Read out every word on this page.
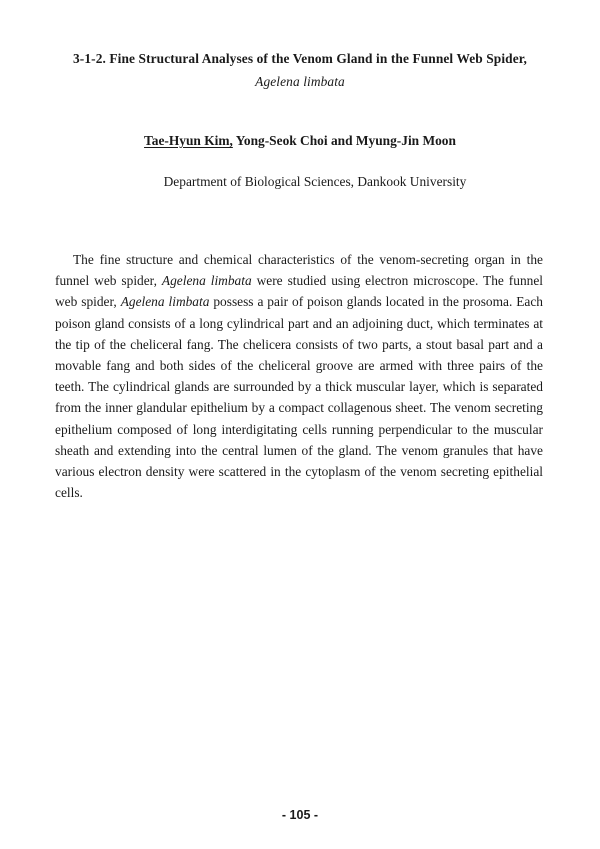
3-1-2. Fine Structural Analyses of the Venom Gland in the Funnel Web Spider, Agelena limbata
Tae-Hyun Kim, Yong-Seok Choi and Myung-Jin Moon
Department of Biological Sciences, Dankook University
The fine structure and chemical characteristics of the venom-secreting organ in the funnel web spider, Agelena limbata were studied using electron microscope. The funnel web spider, Agelena limbata possess a pair of poison glands located in the prosoma. Each poison gland consists of a long cylindrical part and an adjoining duct, which terminates at the tip of the cheliceral fang. The chelicera consists of two parts, a stout basal part and a movable fang and both sides of the cheliceral groove are armed with three pairs of the teeth. The cylindrical glands are surrounded by a thick muscular layer, which is separated from the inner glandular epithelium by a compact collagenous sheet. The venom secreting epithelium composed of long interdigitating cells running perpendicular to the muscular sheath and extending into the central lumen of the gland. The venom granules that have various electron density were scattered in the cytoplasm of the venom secreting epithelial cells.
- 105 -
